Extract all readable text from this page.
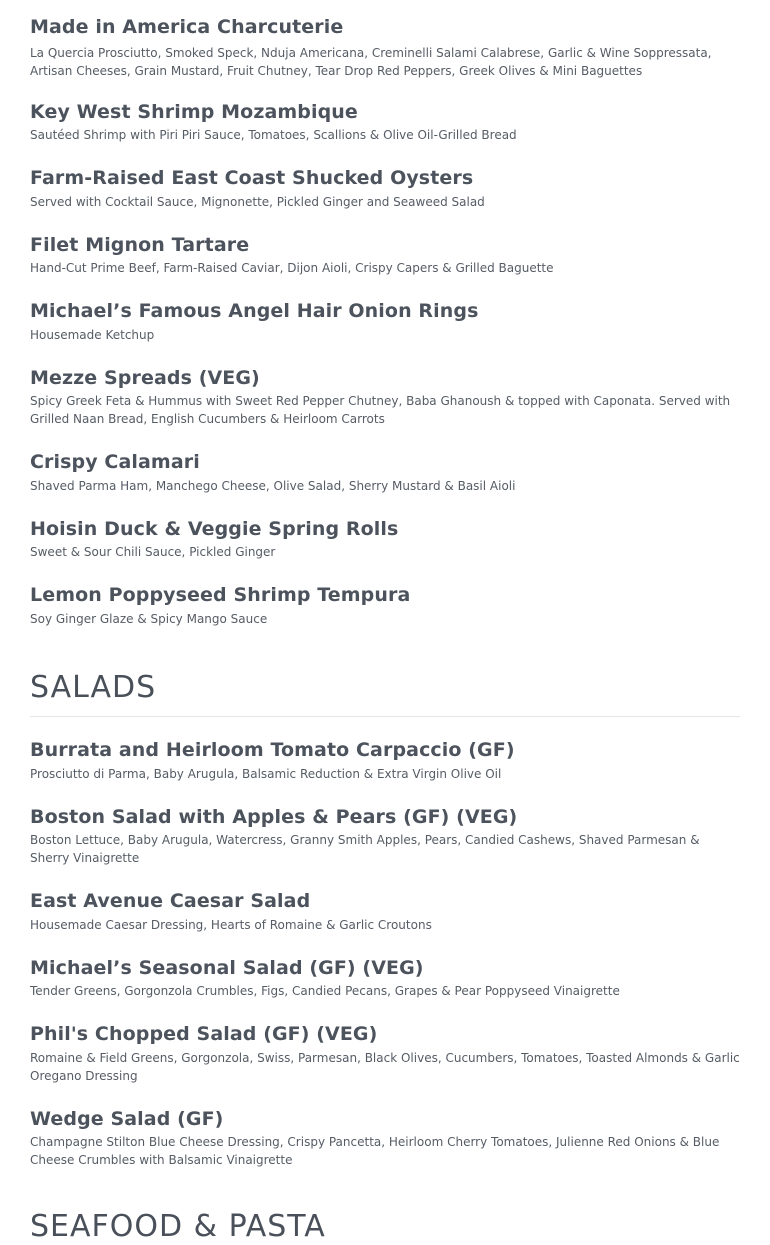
Made in America Charcuterie
La Quercia Prosciutto, Smoked Speck, Nduja Americana, Creminelli Salami Calabrese, Garlic & Wine Soppressata, Artisan Cheeses, Grain Mustard, Fruit Chutney, Tear Drop Red Peppers, Greek Olives & Mini Baguettes
Key West Shrimp Mozambique
Sautéed Shrimp with Piri Piri Sauce, Tomatoes, Scallions & Olive Oil-Grilled Bread
Farm-Raised East Coast Shucked Oysters
Served with Cocktail Sauce, Mignonette, Pickled Ginger and Seaweed Salad
Filet Mignon Tartare
Hand-Cut Prime Beef, Farm-Raised Caviar, Dijon Aioli, Crispy Capers & Grilled Baguette
Michael’s Famous Angel Hair Onion Rings
Housemade Ketchup
Mezze Spreads (VEG)
Spicy Greek Feta & Hummus with Sweet Red Pepper Chutney, Baba Ghanoush & topped with Caponata. Served with Grilled Naan Bread, English Cucumbers & Heirloom Carrots
Crispy Calamari
Shaved Parma Ham, Manchego Cheese, Olive Salad, Sherry Mustard & Basil Aioli
Hoisin Duck & Veggie Spring Rolls
Sweet & Sour Chili Sauce, Pickled Ginger
Lemon Poppyseed Shrimp Tempura
Soy Ginger Glaze & Spicy Mango Sauce
SALADS
Burrata and Heirloom Tomato Carpaccio (GF)
Prosciutto di Parma, Baby Arugula, Balsamic Reduction & Extra Virgin Olive Oil
Boston Salad with Apples & Pears (GF) (VEG)
Boston Lettuce, Baby Arugula, Watercress, Granny Smith Apples, Pears, Candied Cashews, Shaved Parmesan & Sherry Vinaigrette
East Avenue Caesar Salad
Housemade Caesar Dressing, Hearts of Romaine & Garlic Croutons
Michael’s Seasonal Salad (GF) (VEG)
Tender Greens, Gorgonzola Crumbles, Figs, Candied Pecans, Grapes & Pear Poppyseed Vinaigrette
Phil's Chopped Salad (GF) (VEG)
Romaine & Field Greens, Gorgonzola, Swiss, Parmesan, Black Olives, Cucumbers, Tomatoes, Toasted Almonds & Garlic Oregano Dressing
Wedge Salad (GF)
Champagne Stilton Blue Cheese Dressing, Crispy Pancetta, Heirloom Cherry Tomatoes, Julienne Red Onions & Blue Cheese Crumbles with Balsamic Vinaigrette
SEAFOOD & PASTA
